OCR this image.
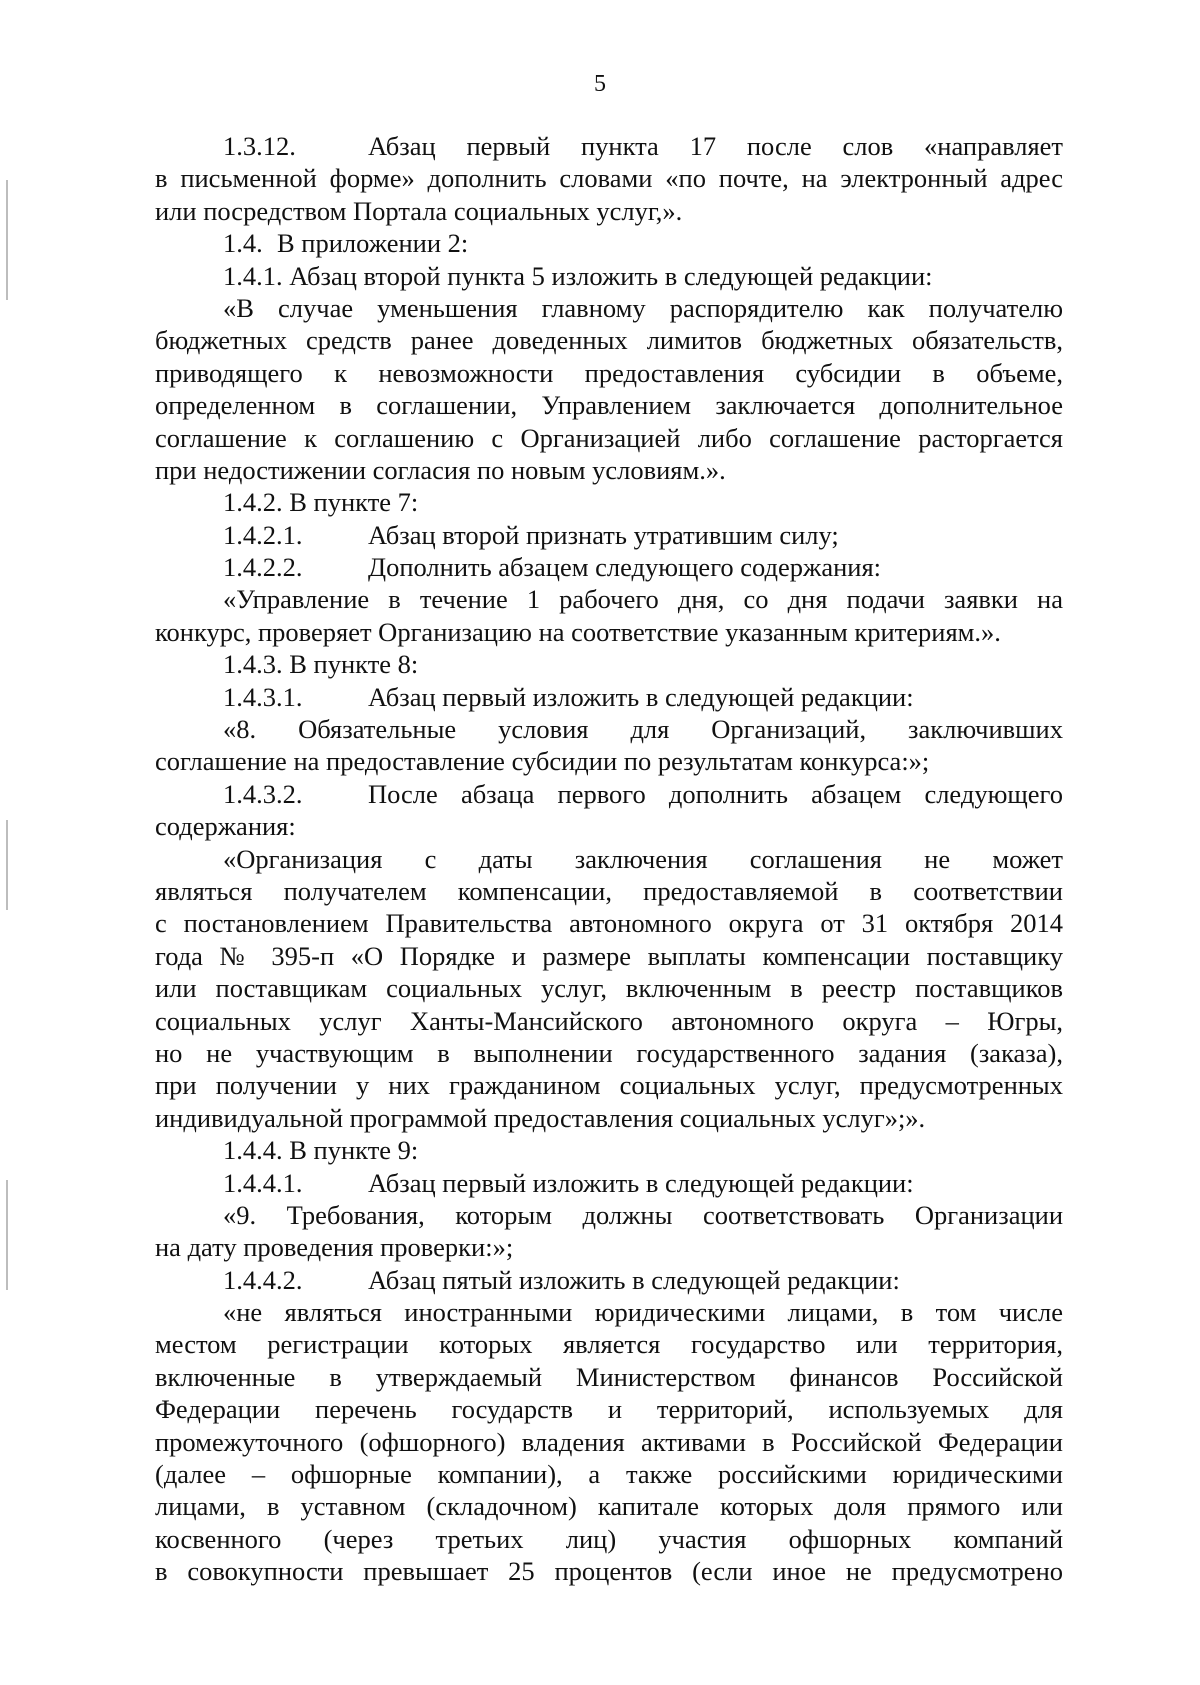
5
1.3.12.	Абзац первый пункта 17 после слов «направляет
в письменной форме» дополнить словами «по почте, на электронный адрес
или посредством Портала социальных услуг,».
1.4. В приложении 2:
1.4.1. Абзац второй пункта 5 изложить в следующей редакции:
«В случае уменьшения главному распорядителю как получателю
бюджетных средств ранее доведенных лимитов бюджетных обязательств,
приводящего к невозможности предоставления субсидии в объеме,
определенном в соглашении, Управлением заключается дополнительное
соглашение к соглашению с Организацией либо соглашение расторгается
при недостижении согласия по новым условиям.».
1.4.2. В пункте 7:
1.4.2.1. Абзац второй признать утратившим силу;
1.4.2.2. Дополнить абзацем следующего содержания:
«Управление в течение 1 рабочего дня, со дня подачи заявки на
конкурс, проверяет Организацию на соответствие указанным критериям.».
1.4.3. В пункте 8:
1.4.3.1. Абзац первый изложить в следующей редакции:
«8. Обязательные условия для Организаций, заключивших
соглашение на предоставление субсидии по результатам конкурса:»;
1.4.3.2. После абзаца первого дополнить абзацем следующего
содержания:
«Организация с даты заключения соглашения не может
являться получателем компенсации, предоставляемой в соответствии
с постановлением Правительства автономного округа от 31 октября 2014
года № 395-п «О Порядке и размере выплаты компенсации поставщику
или поставщикам социальных услуг, включенным в реестр поставщиков
социальных услуг Ханты-Мансийского автономного округа – Югры,
но не участвующим в выполнении государственного задания (заказа),
при получении у них гражданином социальных услуг, предусмотренных
индивидуальной программой предоставления социальных услуг»;».
1.4.4. В пункте 9:
1.4.4.1. Абзац первый изложить в следующей редакции:
«9. Требования, которым должны соответствовать Организации
на дату проведения проверки:»;
1.4.4.2. Абзац пятый изложить в следующей редакции:
«не являться иностранными юридическими лицами, в том числе
местом регистрации которых является государство или территория,
включенные в утверждаемый Министерством финансов Российской
Федерации перечень государств и территорий, используемых для
промежуточного (офшорного) владения активами в Российской Федерации
(далее – офшорные компании), а также российскими юридическими
лицами, в уставном (складочном) капитале которых доля прямого или
косвенного (через третьих лиц) участия офшорных компаний
в совокупности превышает 25 процентов (если иное не предусмотрено
